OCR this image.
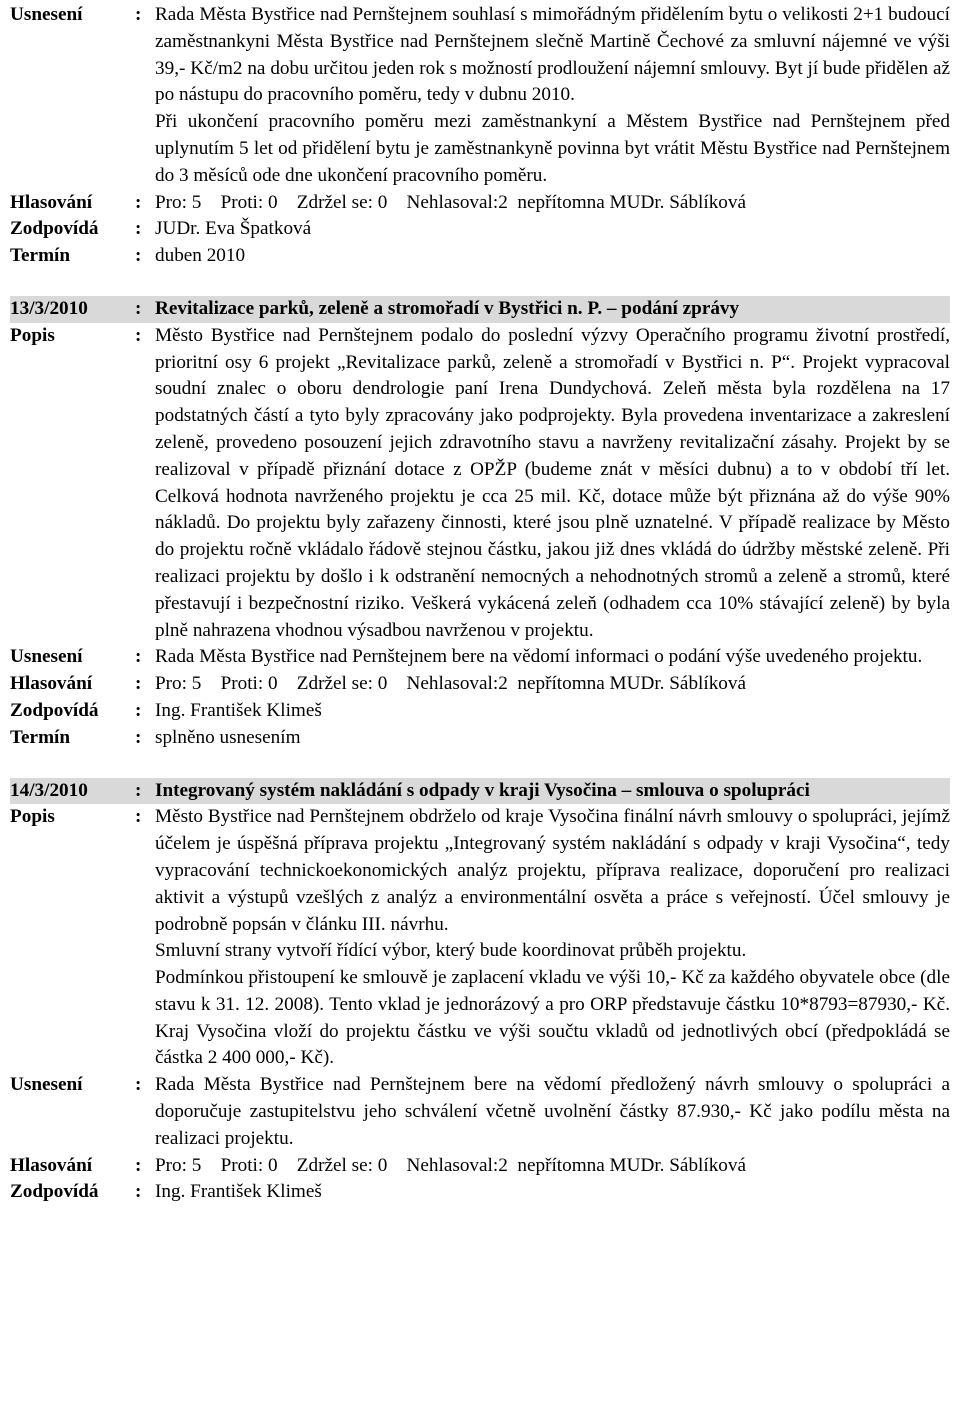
Usnesení	: Rada Města Bystřice nad Pernštejnem souhlasí s mimořádným přidělením bytu o velikosti 2+1 budoucí zaměstnankyni Města Bystřice nad Pernštejnem slečně Martině Čechové za smluvní nájemné ve výši 39,- Kč/m2 na dobu určitou jeden rok s možností prodloužení nájemní smlouvy. Byt jí bude přidělen až po nástupu do pracovního poměru, tedy v dubnu 2010.

Při ukončení pracovního poměru mezi zaměstnankyní a Městem Bystřice nad Pernštejnem před uplynutím 5 let od přidělení bytu je zaměstnankyně povinna byt vrátit Městu Bystřice nad Pernštejnem do 3 měsíců ode dne ukončení pracovního poměru.

Hlasování	: Pro: 5    Proti: 0    Zdržel se: 0    Nehlasoval:2  nepřítomna MUDr. Sáblíková
Zodpovídá	: JUDr. Eva Špatková
Termín	: duben 2010
13/3/2010	: Revitalizace parků, zeleně a stromořadí v Bystřici n. P. – podání zprávy
Popis	: Město Bystřice nad Pernštejnem podalo do poslední výzvy Operačního programu životní prostředí, prioritní osy 6 projekt „Revitalizace parků, zeleně a stromořadí v Bystřici n. P“. Projekt vypracoval soudní znalec o oboru dendrologie paní Irena Dundychová. Zeleň města byla rozdělena na 17 podstatných částí a tyto byly zpracovány jako podprojekty. Byla provedena inventarizace a zakreslení zeleně, provedeno posouzení jejich zdravotního stavu a navrženy revitalizační zásahy. Projekt by se realizoval v případě přiznání dotace z OPŽP (budeme znát v měsíci dubnu) a to v období tří let. Celková hodnota navrženého projektu je cca 25 mil. Kč, dotace může být přiznána až do výše 90% nákladů. Do projektu byly zařazeny činnosti, které jsou plně uznatelné. V případě realizace by Město do projektu ročně vkládalo řádově stejnou částku, jakou již dnes vkládá do údržby městské zeleně. Při realizaci projektu by došlo i k odstranění nemocných a nehodnotných stromů a zeleně a stromů, které přestavují i bezpečnostní riziko. Veškerá vykácená zeleň (odhadem cca 10% stávající zeleně) by byla plně nahrazena vhodnou výsadbou navrženou v projektu.
Usnesení	: Rada Města Bystřice nad Pernštejnem bere na vědomí informaci o podání výše uvedeného projektu.
Hlasování	: Pro: 5    Proti: 0    Zdržel se: 0    Nehlasoval:2  nepřítomna MUDr. Sáblíková
Zodpovídá	: Ing. František Klimeš
Termín	: splněno usnesením
14/3/2010	: Integrovaný systém nakládání s odpady v kraji Vysočina – smlouva o spolupráci
Popis	: Město Bystřice nad Pernštejnem obdrželo od kraje Vysočina finální návrh smlouvy o spolupráci, jejímž účelem je úspěšná příprava projektu „Integrovaný systém nakládání s odpady v kraji Vysočina“, tedy vypracování technickoekonomických analýz projektu, příprava realizace, doporučení pro realizaci aktivit a výstupů vzešlých z analýz a environmentální osvěta a práce s veřejností. Účel smlouvy je podrobně popsán v článku III. návrhu.

Smluvní strany vytvoří řídící výbor, který bude koordinovat průběh projektu.

Podmínkou přistoupení ke smlouvě je zaplacení vkladu ve výši 10,- Kč za každého obyvatele obce (dle stavu k 31. 12. 2008). Tento vklad je jednorázový a pro ORP představuje částku 10*8793=87930,- Kč. Kraj Vysočina vloží do projektu částku ve výši součtu vkladů od jednotlivých obcí (předpokládá se částka 2 400 000,- Kč).

Usnesení	: Rada Města Bystřice nad Pernštejnem bere na vědomí předložený návrh smlouvy o spolupráci a doporučuje zastupitelstvu jeho schválení včetně uvolnění částky 87.930,- Kč jako podílu města na realizaci projektu.
Hlasování	: Pro: 5    Proti: 0    Zdržel se: 0    Nehlasoval:2  nepřítomna MUDr. Sáblíková
Zodpovídá	: Ing. František Klimeš
